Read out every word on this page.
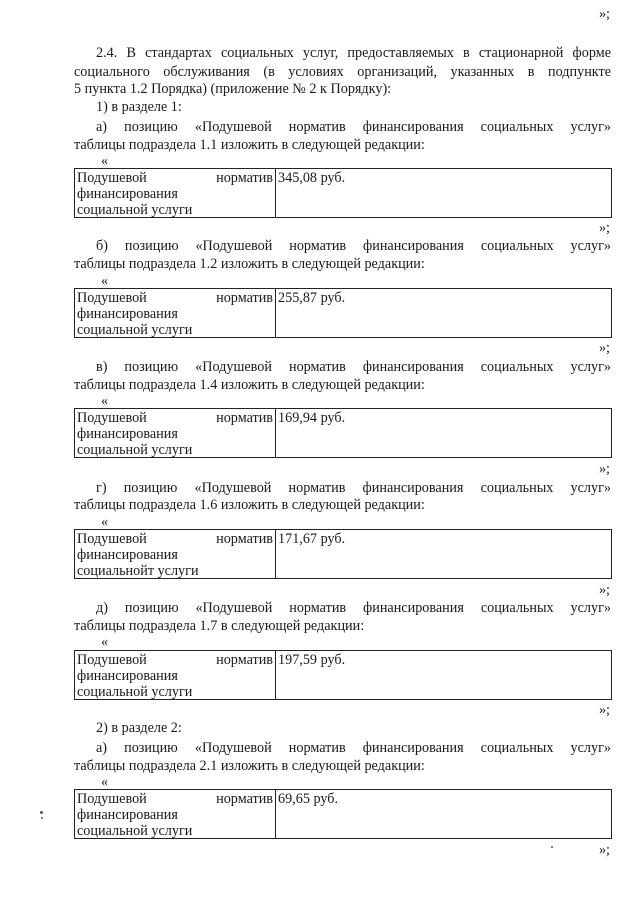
»;
2.4. В стандартах социальных услуг, предоставляемых в стационарной форме
социального обслуживания (в условиях организаций, указанных в подпункте
5 пункта 1.2 Порядка) (приложение № 2 к Порядку):
1) в разделе 1:
а) позицию «Подушевой норматив финансирования социальных услуг»
таблицы подраздела 1.1 изложить в следующей редакции:
«
Подушевой	норматив
финансирования
социальной услуги

345,08 руб.
»;
б) позицию «Подушевой норматив финансирования социальных услуг»
таблицы подраздела 1.2 изложить в следующей редакции:
«
Подушевой	норматив
финансирования
социальной услуги

255,87 руб.
»;
в) позицию «Подушевой норматив финансирования социальных услуг»
таблицы подраздела 1.4 изложить в следующей редакции:
«
Подушевой	норматив
финансирования
социальной услуги

169,94 руб.
»;
г) позицию «Подушевой норматив финансирования социальных услуг»
таблицы подраздела 1.6 изложить в следующей редакции:
«
Подушевой	норматив
финансирования
социальнойт услуги

171,67 руб.
»;
д) позицию «Подушевой норматив финансирования социальных услуг»
таблицы подраздела 1.7 в следующей редакции:
«
Подушевой	норматив
финансирования
социальной услуги

197,59 руб.
»;
2) в разделе 2:
а) позицию «Подушевой норматив финансирования социальных услуг»
таблицы подраздела 2.1 изложить в следующей редакции:
«
Подушевой	норматив
финансирования
социальной услуги

69,65 руб.
»;
